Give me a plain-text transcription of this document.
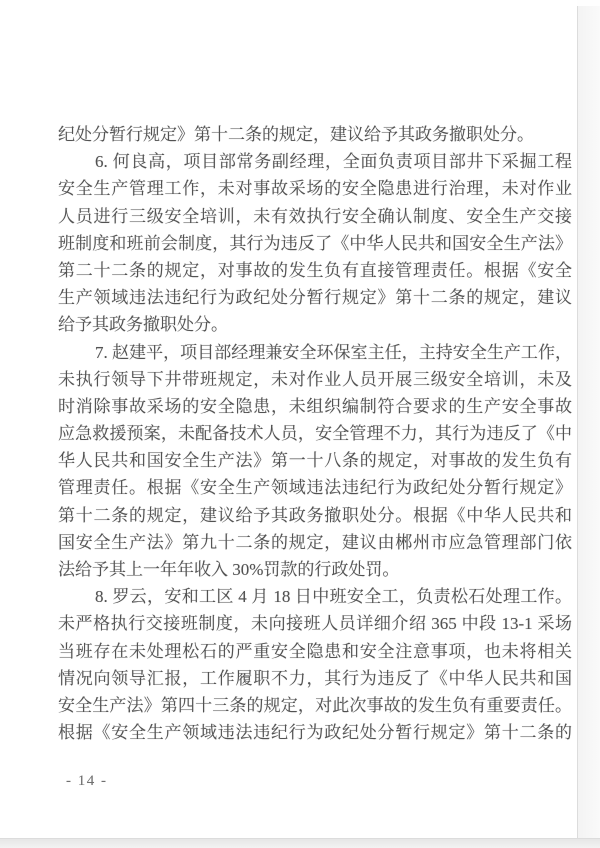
纪处分暂行规定》第十二条的规定，建议给予其政务撤职处分。
6. 何良高，项目部常务副经理，全面负责项目部井下采掘工程
安全生产管理工作，未对事故采场的安全隐患进行治理，未对作业
人员进行三级安全培训，未有效执行安全确认制度、安全生产交接
班制度和班前会制度，其行为违反了《中华人民共和国安全生产法》
第二十二条的规定，对事故的发生负有直接管理责任。根据《安全
生产领域违法违纪行为政纪处分暂行规定》第十二条的规定，建议
给予其政务撤职处分。
7. 赵建平，项目部经理兼安全环保室主任，主持安全生产工作，
未执行领导下井带班规定，未对作业人员开展三级安全培训，未及
时消除事故采场的安全隐患，未组织编制符合要求的生产安全事故
应急救援预案，未配备技术人员，安全管理不力，其行为违反了《中
华人民共和国安全生产法》第一十八条的规定，对事故的发生负有
管理责任。根据《安全生产领域违法违纪行为政纪处分暂行规定》
第十二条的规定，建议给予其政务撤职处分。根据《中华人民共和
国安全生产法》第九十二条的规定，建议由郴州市应急管理部门依
法给予其上一年年收入 30%罚款的行政处罚。
8. 罗云，安和工区 4 月 18 日中班安全工，负责松石处理工作。
未严格执行交接班制度，未向接班人员详细介绍 365 中段 13-1 采场
当班存在未处理松石的严重安全隐患和安全注意事项，也未将相关
情况向领导汇报，工作履职不力，其行为违反了《中华人民共和国
安全生产法》第四十三条的规定，对此次事故的发生负有重要责任。
根据《安全生产领域违法违纪行为政纪处分暂行规定》第十二条的
- 14 -
